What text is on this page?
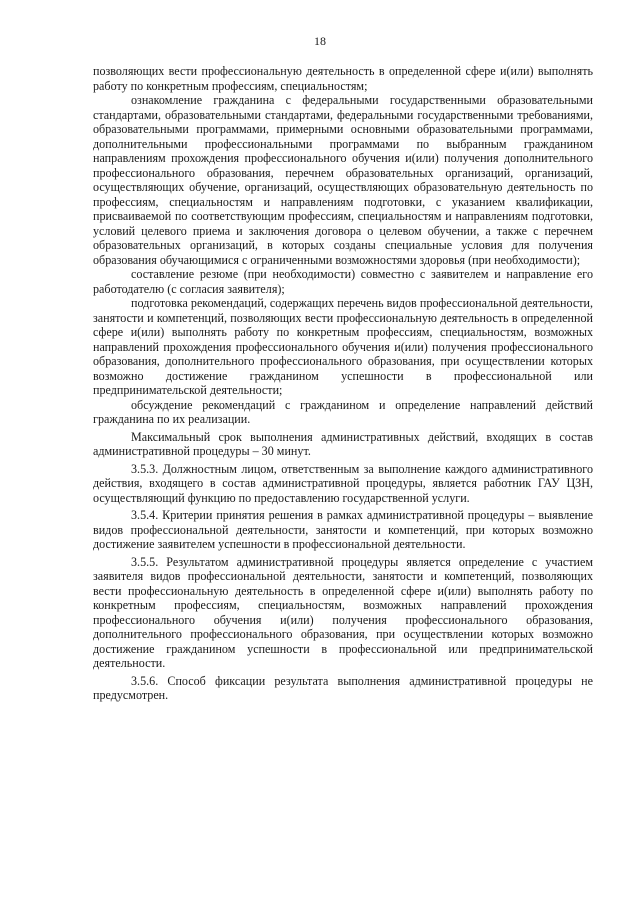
18

позволяющих вести профессиональную деятельность в определенной сфере и(или) выполнять работу по конкретным профессиям, специальностям;

ознакомление гражданина с федеральными государственными образовательными стандартами, образовательными стандартами, федеральными государственными требованиями, образовательными программами, примерными основными образовательными программами, дополнительными профессиональными программами по выбранным гражданином направлениям прохождения профессионального обучения и(или) получения дополнительного профессионального образования, перечнем образовательных организаций, организаций, осуществляющих обучение, организаций, осуществляющих образовательную деятельность по профессиям, специальностям и направлениям подготовки, с указанием квалификации, присваиваемой по соответствующим профессиям, специальностям и направлениям подготовки, условий целевого приема и заключения договора о целевом обучении, а также с перечнем образовательных организаций, в которых созданы специальные условия для получения образования обучающимися с ограниченными возможностями здоровья (при необходимости);

составление резюме (при необходимости) совместно с заявителем и направление его работодателю (с согласия заявителя);

подготовка рекомендаций, содержащих перечень видов профессиональной деятельности, занятости и компетенций, позволяющих вести профессиональную деятельность в определенной сфере и(или) выполнять работу по конкретным профессиям, специальностям, возможных направлений прохождения профессионального обучения и(или) получения профессионального образования, дополнительного профессионального образования, при осуществлении которых возможно достижение гражданином успешности в профессиональной или предпринимательской деятельности;

обсуждение рекомендаций с гражданином и определение направлений действий гражданина по их реализации.

Максимальный срок выполнения административных действий, входящих в состав административной процедуры – 30 минут.

3.5.3. Должностным лицом, ответственным за выполнение каждого административного действия, входящего в состав административной процедуры, является работник ГАУ ЦЗН, осуществляющий функцию по предоставлению государственной услуги.

3.5.4. Критерии принятия решения в рамках административной процедуры – выявление видов профессиональной деятельности, занятости и компетенций, при которых возможно достижение заявителем успешности в профессиональной деятельности.

3.5.5. Результатом административной процедуры является определение с участием заявителя видов профессиональной деятельности, занятости и компетенций, позволяющих вести профессиональную деятельность в определенной сфере и(или) выполнять работу по конкретным профессиям, специальностям, возможных направлений прохождения профессионального обучения и(или) получения профессионального образования, дополнительного профессионального образования, при осуществлении которых возможно достижение гражданином успешности в профессиональной или предпринимательской деятельности.

3.5.6. Способ фиксации результата выполнения административной процедуры не предусмотрен.
